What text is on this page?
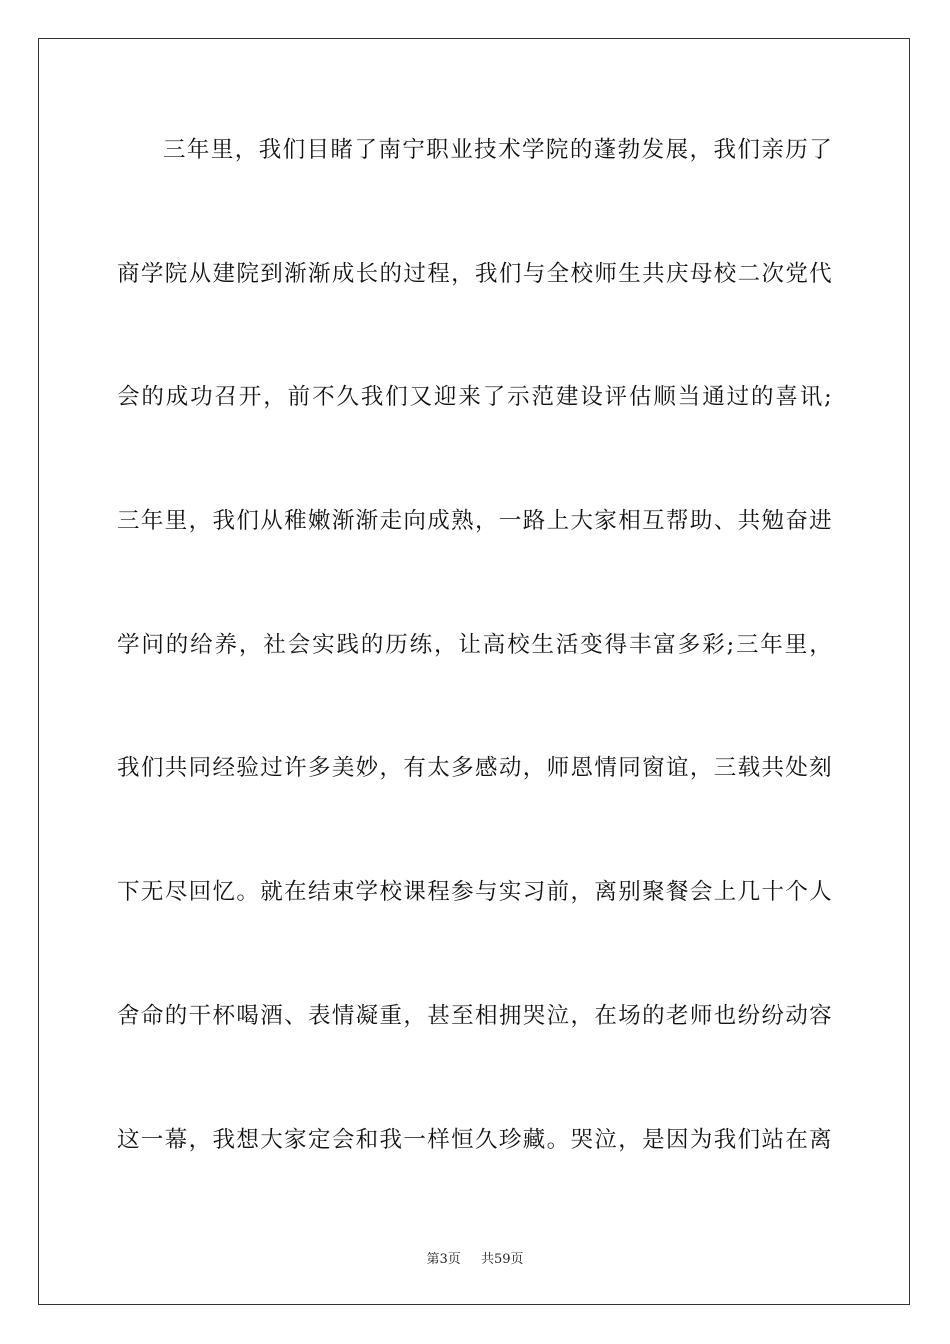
三年里，我们目睹了南宁职业技术学院的蓬勃发展，我们亲历了
商学院从建院到渐渐成长的过程，我们与全校师生共庆母校二次党代
会的成功召开，前不久我们又迎来了示范建设评估顺当通过的喜讯;
三年里，我们从稚嫩渐渐走向成熟，一路上大家相互帮助、共勉奋进
学问的给养，社会实践的历练，让高校生活变得丰富多彩;三年里，
我们共同经验过许多美妙，有太多感动，师恩情同窗谊，三载共处刻
下无尽回忆。就在结束学校课程参与实习前，离别聚餐会上几十个人
舍命的干杯喝酒、表情凝重，甚至相拥哭泣，在场的老师也纷纷动容
这一幕，我想大家定会和我一样恒久珍藏。哭泣，是因为我们站在离
第3页 共59页
